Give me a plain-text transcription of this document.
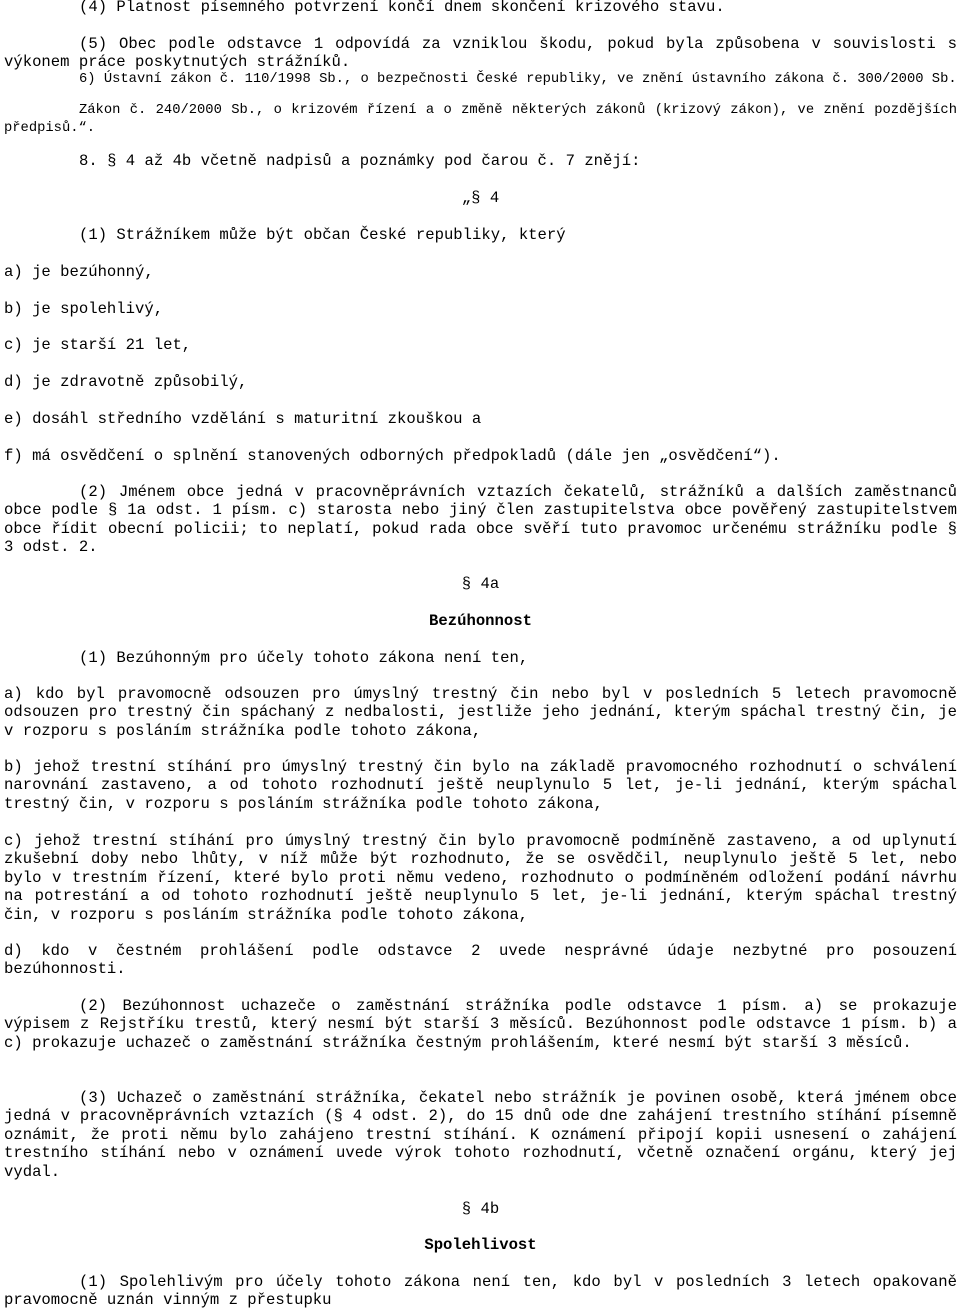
(4) Platnost písemného potvrzení končí dnem skončení krizového stavu.

(5) Obec podle odstavce 1 odpovídá za vzniklou škodu, pokud byla způsobena v souvislosti s výkonem práce poskytnutých strážníků.

6) Ústavní zákon č. 110/1998 Sb., o bezpečnosti České republiky, ve znění ústavního zákona č. 300/2000 Sb.

Zákon č. 240/2000 Sb., o krizovém řízení a o změně některých zákonů (krizový zákon), ve znění pozdějších předpisů.“.

8. § 4 až 4b včetně nadpisů a poznámky pod čarou č. 7 znějí:

„§ 4

(1) Strážníkem může být občan České republiky, který

a) je bezúhonný,

b) je spolehlivý,

c) je starší 21 let,

d) je zdravotně způsobilý,

e) dosáhl středního vzdělání s maturitní zkouškou a

f) má osvědčení o splnění stanovených odborných předpokladů (dále jen „osvědčení“).

(2) Jménem obce jedná v pracovněprávních vztazích čekatelů, strážníků a dalších zaměstnanců obce podle § 1a odst. 1 písm. c) starosta nebo jiný člen zastupitelstva obce pověřený zastupitelstvem obce řídit obecní policii; to neplatí, pokud rada obce svěří tuto pravomoc určenému strážníku podle § 3 odst. 2.

§ 4a

Bezúhonnost

(1) Bezúhonným pro účely tohoto zákona není ten,

a) kdo byl pravomocně odsouzen pro úmyslný trestný čin nebo byl v posledních 5 letech pravomocně odsouzen pro trestný čin spáchaný z nedbalosti, jestliže jeho jednání, kterým spáchal trestný čin, je v rozporu s posláním strážníka podle tohoto zákona,

b) jehož trestní stíhání pro úmyslný trestný čin bylo na základě pravomocného rozhodnutí o schválení narovnání zastaveno, a od tohoto rozhodnutí ještě neuplynulo 5 let, je-li jednání, kterým spáchal trestný čin, v rozporu s posláním strážníka podle tohoto zákona,

c) jehož trestní stíhání pro úmyslný trestný čin bylo pravomocně podmíněně zastaveno, a od uplynutí zkušební doby nebo lhůty, v níž může být rozhodnuto, že se osvědčil, neuplynulo ještě 5 let, nebo bylo v trestním řízení, které bylo proti němu vedeno, rozhodnuto o podmíněném odložení podání návrhu na potrestání a od tohoto rozhodnutí ještě neuplynulo 5 let, je-li jednání, kterým spáchal trestný čin, v rozporu s posláním strážníka podle tohoto zákona,

d) kdo v čestném prohlášení podle odstavce 2 uvede nesprávné údaje nezbytné pro posouzení bezúhonnosti.

(2) Bezúhonnost uchazeče o zaměstnání strážníka podle odstavce 1 písm. a) se prokazuje výpisem z Rejstříku trestů, který nesmí být starší 3 měsíců. Bezúhonnost podle odstavce 1 písm. b) a c) prokazuje uchazeč o zaměstnání strážníka čestným prohlášením, které nesmí být starší 3 měsíců.

(3) Uchazeč o zaměstnání strážníka, čekatel nebo strážník je povinen osobě, která jménem obce jedná v pracovněprávních vztazích (§ 4 odst. 2), do 15 dnů ode dne zahájení trestního stíhání písemně oznámit, že proti němu bylo zahájeno trestní stíhání. K oznámení připojí kopii usnesení o zahájení trestního stíhání nebo v oznámení uvede výrok tohoto rozhodnutí, včetně označení orgánu, který jej vydal.

§ 4b

Spolehlivost

(1) Spolehlivým pro účely tohoto zákona není ten, kdo byl v posledních 3 letech opakovaně pravomocně uznán vinným z přestupku
